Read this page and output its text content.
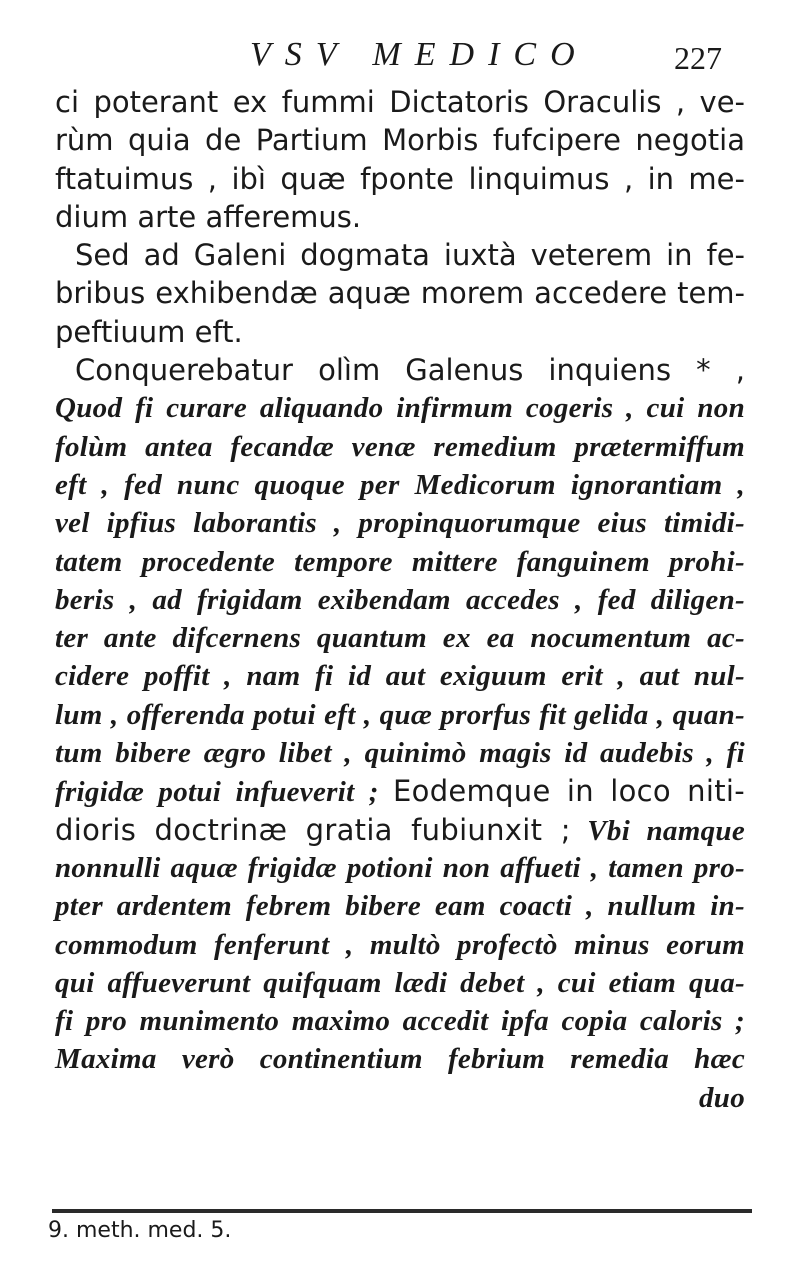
VSV MEDICO	227
ci poterant ex fummi Dictatoris Oraculis , ve-
rùm quia de Partium Morbis fufcipere negotia
ftatuimus , ibì quæ fponte linquimus , in me-
dium arte afferemus.
Sed ad Galeni dogmata iuxtà veterem in fe-
bribus exhibendæ aquæ morem accedere tem-
peftiuum eft.
Conquerebatur olìm Galenus inquiens * ,
Quod fi curare aliquando infirmum cogeris , cui non
folùm antea fecandæ venæ remedium prætermiffum
eft , fed nunc quoque per Medicorum ignorantiam ,
vel ipfius laborantis , propinquorumque eius timidi-
tatem procedente tempore mittere fanguinem prohi-
beris , ad frigidam exibendam accedes , fed diligen-
ter ante difcernens quantum ex ea nocumentum ac-
cidere poffit , nam fi id aut exiguum erit , aut nul-
lum , offerenda potui eft , quæ prorfus fit gelida , quan-
tum bibere ægro libet , quinimò magis id audebis , fi
frigidæ potui infueverit ; Eodemque in loco niti-
dioris doctrinæ gratia fubiunxit ; Vbi namque
nonnulli aquæ frigidæ potioni non affueti , tamen pro-
pter ardentem febrem bibere eam coacti , nullum in-
commodum fenferunt , multò profectò minus eorum
qui affueverunt quifquam lædi debet , cui etiam qua-
fi pro munimento maximo accedit ipfa copia caloris ;
Maxima verò continentium febrium remedia hæc
duo
9. meth. med. 5.
